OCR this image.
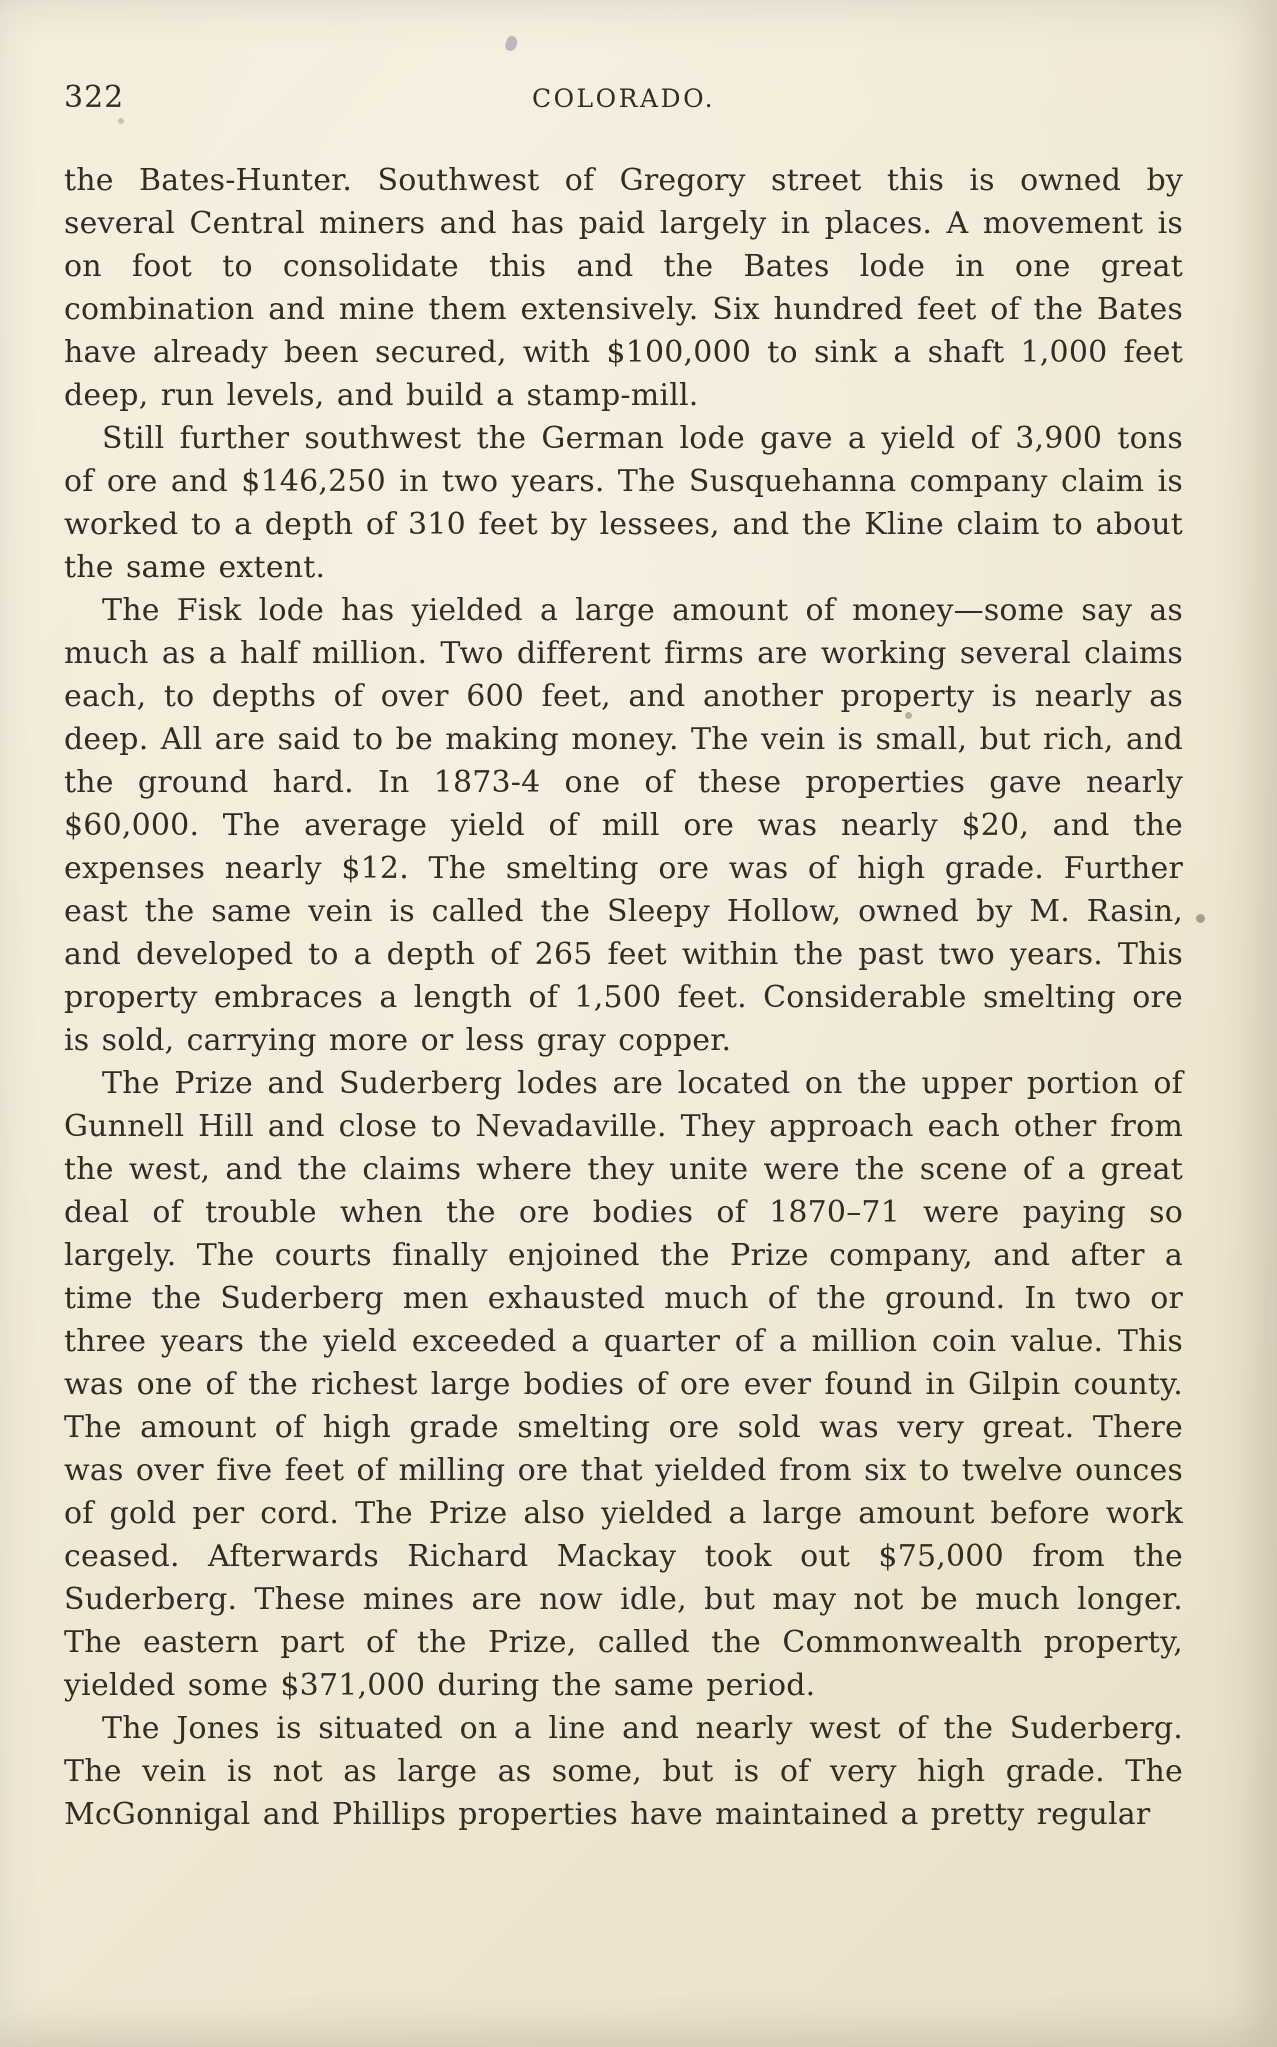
322	COLORADO.

the Bates-Hunter. Southwest of Gregory street this is owned by several Central miners and has paid largely in places. A movement is on foot to consolidate this and the Bates lode in one great combination and mine them extensively. Six hundred feet of the Bates have already been secured, with $100,000 to sink a shaft 1,000 feet deep, run levels, and build a stamp-mill.

Still further southwest the German lode gave a yield of 3,900 tons of ore and $146,250 in two years. The Susquehanna company claim is worked to a depth of 310 feet by lessees, and the Kline claim to about the same extent.

The Fisk lode has yielded a large amount of money—some say as much as a half million. Two different firms are working several claims each, to depths of over 600 feet, and another property is nearly as deep. All are said to be making money. The vein is small, but rich, and the ground hard. In 1873-4 one of these properties gave nearly $60,000. The average yield of mill ore was nearly $20, and the expenses nearly $12. The smelting ore was of high grade. Further east the same vein is called the Sleepy Hollow, owned by M. Rasin, and developed to a depth of 265 feet within the past two years. This property embraces a length of 1,500 feet. Considerable smelting ore is sold, carrying more or less gray copper.

The Prize and Suderberg lodes are located on the upper portion of Gunnell Hill and close to Nevadaville. They approach each other from the west, and the claims where they unite were the scene of a great deal of trouble when the ore bodies of 1870–71 were paying so largely. The courts finally enjoined the Prize company, and after a time the Suderberg men exhausted much of the ground. In two or three years the yield exceeded a quarter of a million coin value. This was one of the richest large bodies of ore ever found in Gilpin county. The amount of high grade smelting ore sold was very great. There was over five feet of milling ore that yielded from six to twelve ounces of gold per cord. The Prize also yielded a large amount before work ceased. Afterwards Richard Mackay took out $75,000 from the Suderberg. These mines are now idle, but may not be much longer. The eastern part of the Prize, called the Commonwealth property, yielded some $371,000 during the same period.

The Jones is situated on a line and nearly west of the Suderberg. The vein is not as large as some, but is of very high grade. The McGonnigal and Phillips properties have maintained a pretty regular
